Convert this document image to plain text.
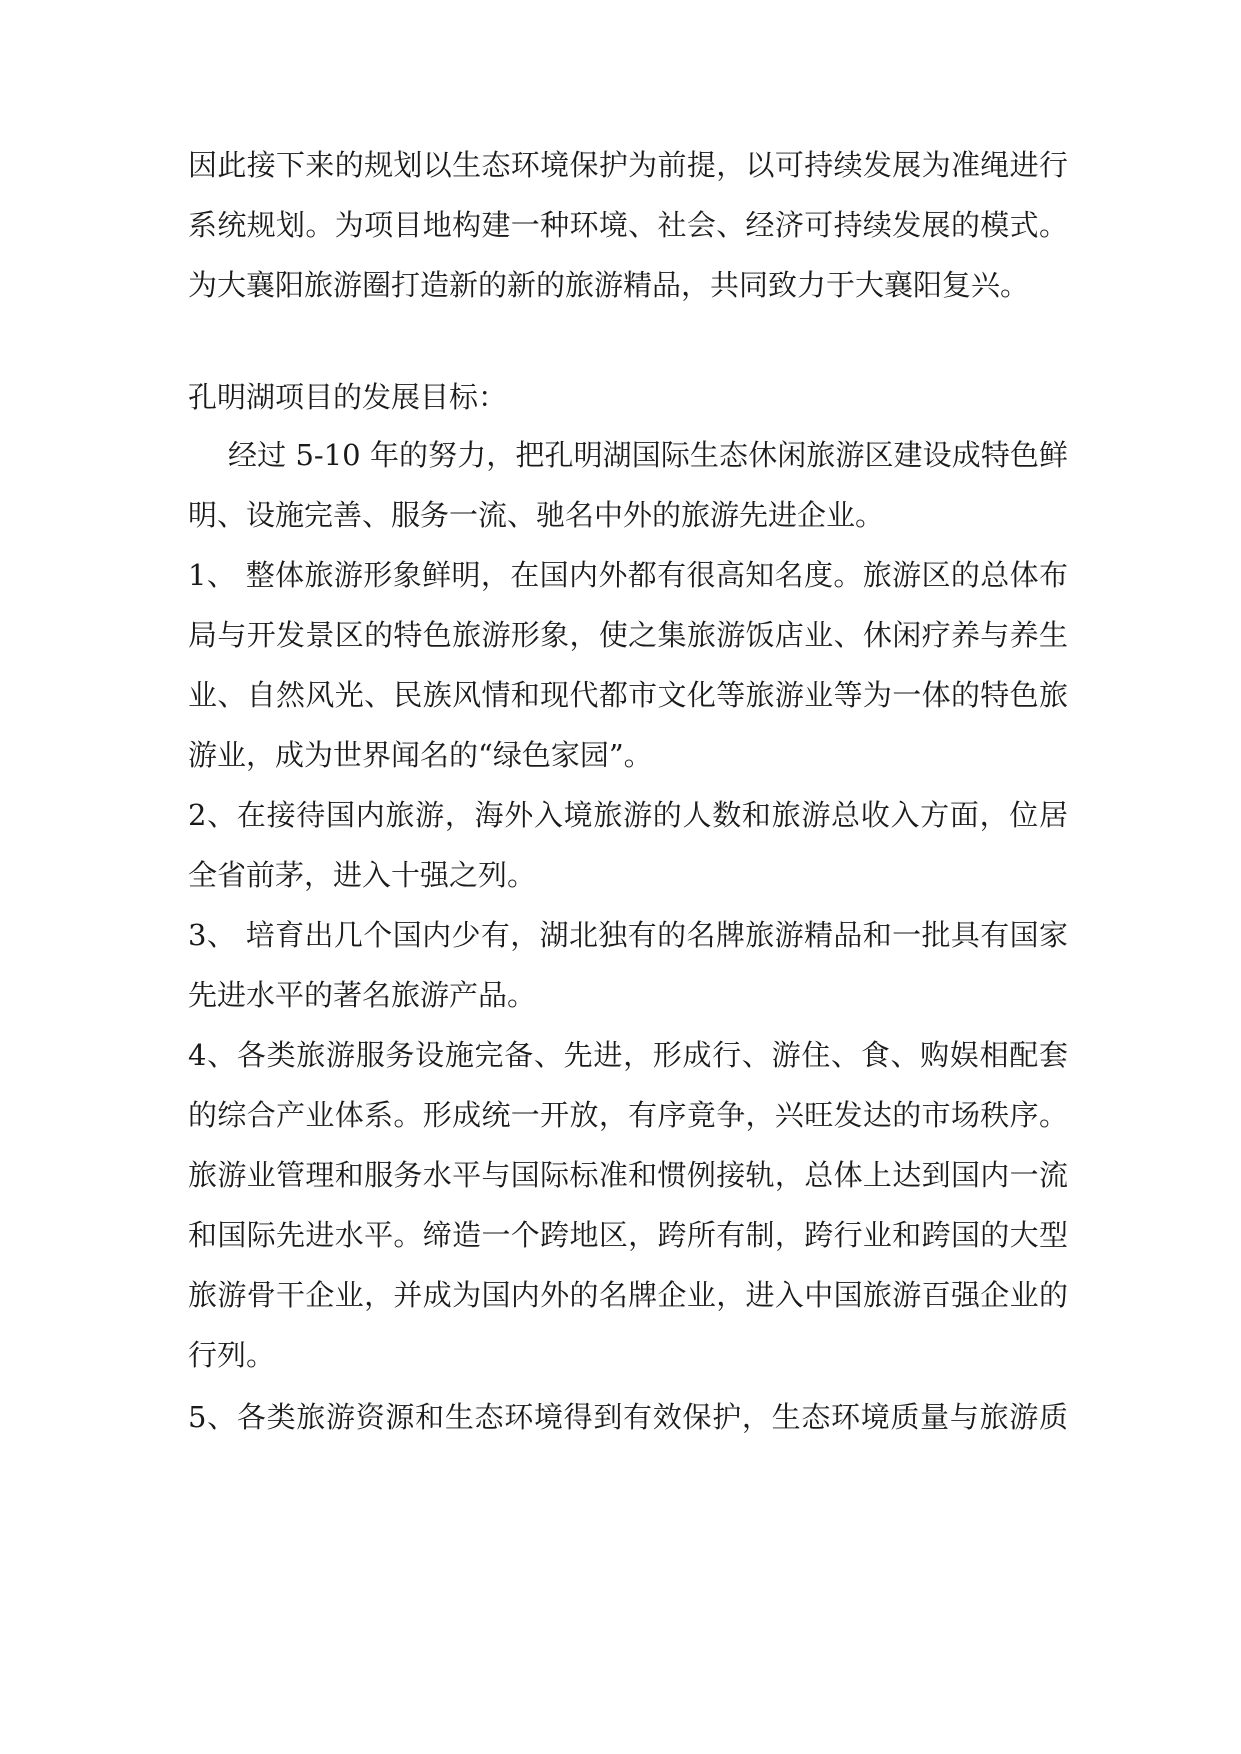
因此接下来的规划以生态环境保护为前提，以可持续发展为准绳进行
系统规划。为项目地构建一种环境、社会、经济可持续发展的模式。
为大襄阳旅游圈打造新的新的旅游精品，共同致力于大襄阳复兴。
孔明湖项目的发展目标：
经过 5-10 年的努力，把孔明湖国际生态休闲旅游区建设成特色鲜
明、设施完善、服务一流、驰名中外的旅游先进企业。
1、 整体旅游形象鲜明，在国内外都有很高知名度。旅游区的总体布
局与开发景区的特色旅游形象，使之集旅游饭店业、休闲疗养与养生
业、自然风光、民族风情和现代都市文化等旅游业等为一体的特色旅
游业，成为世界闻名的“绿色家园”。
2、在接待国内旅游，海外入境旅游的人数和旅游总收入方面，位居
全省前茅，进入十强之列。
3、 培育出几个国内少有，湖北独有的名牌旅游精品和一批具有国家
先进水平的著名旅游产品。
4、各类旅游服务设施完备、先进，形成行、游住、食、购娱相配套
的综合产业体系。形成统一开放，有序竟争，兴旺发达的市场秩序。
旅游业管理和服务水平与国际标准和惯例接轨，总体上达到国内一流
和国际先进水平。缔造一个跨地区，跨所有制，跨行业和跨国的大型
旅游骨干企业，并成为国内外的名牌企业，进入中国旅游百强企业的
行列。
5、各类旅游资源和生态环境得到有效保护，生态环境质量与旅游质
